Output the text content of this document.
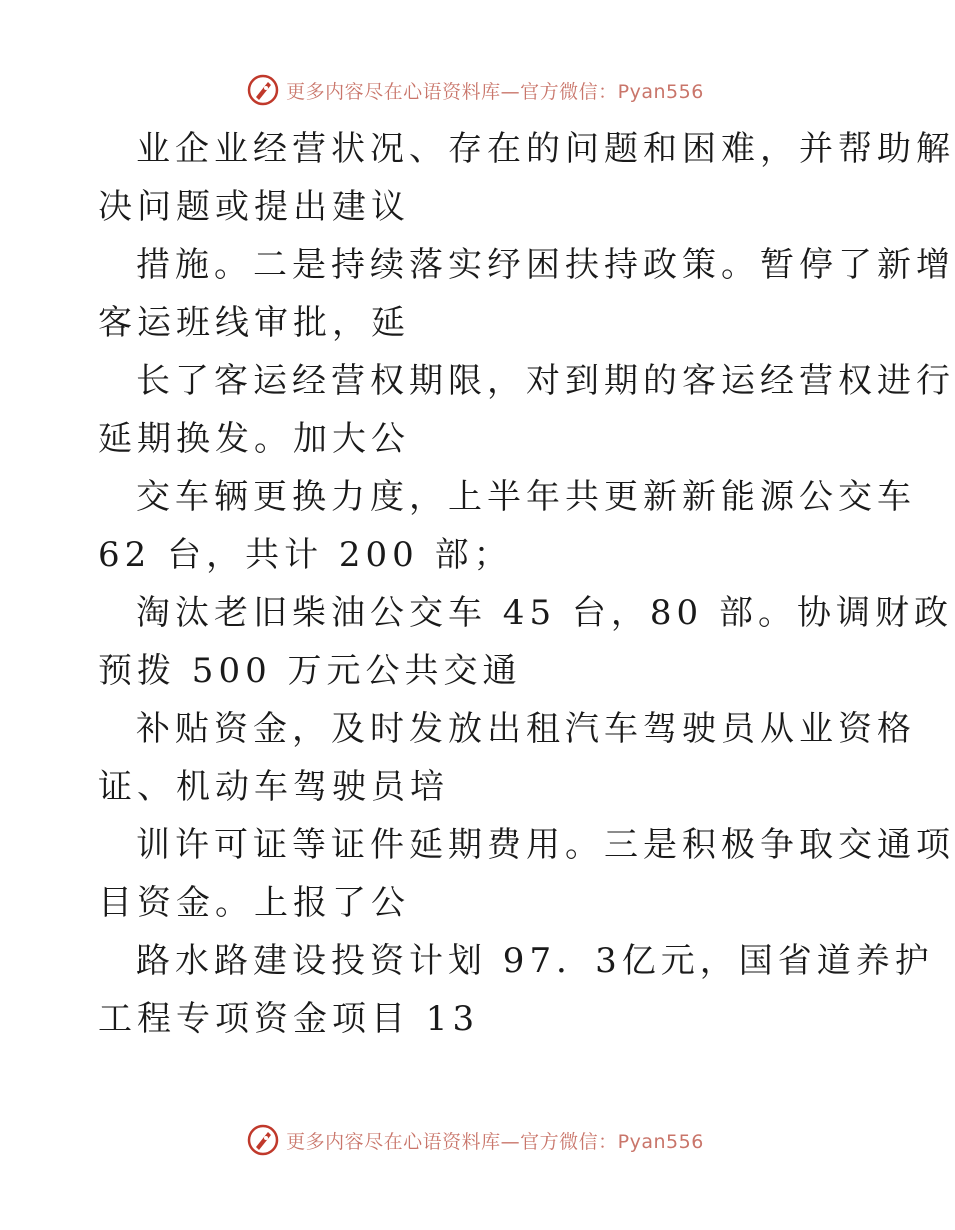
更多内容尽在心语资料库—官方微信：Pyan556
业企业经营状况、存在的问题和困难，并帮助解
决问题或提出建议
措施。二是持续落实纾困扶持政策。暂停了新增
客运班线审批，延
长了客运经营权期限，对到期的客运经营权进行
延期换发。加大公
交车辆更换力度，上半年共更新新能源公交车
62 台，共计 200 部；
淘汰老旧柴油公交车 45 台，80 部。协调财政
预拨 500 万元公共交通
补贴资金，及时发放出租汽车驾驶员从业资格
证、机动车驾驶员培
训许可证等证件延期费用。三是积极争取交通项
目资金。上报了公
路水路建设投资计划 97．3亿元，国省道养护
工程专项资金项目 13
更多内容尽在心语资料库—官方微信：Pyan556
